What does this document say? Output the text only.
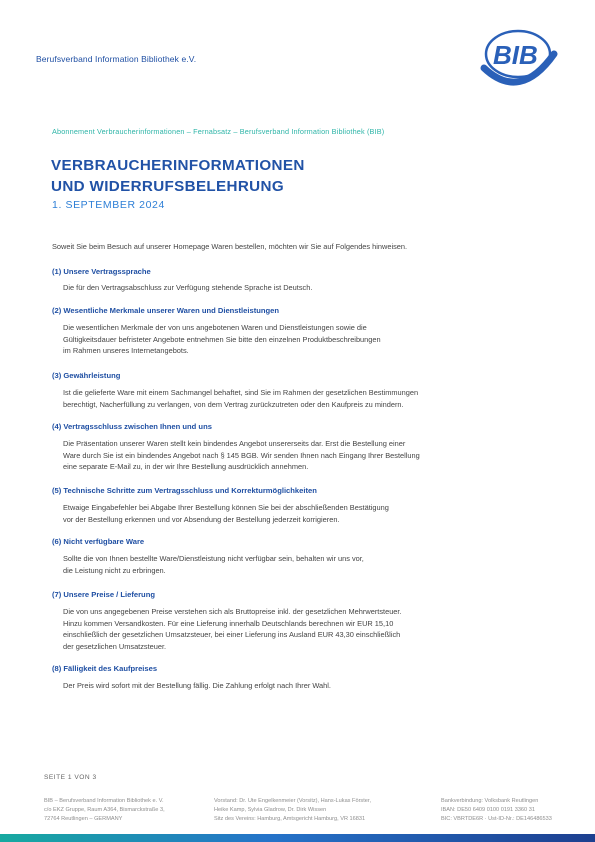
Berufsverband Information Bibliothek e.V.	BIB
Abonnement Verbraucherinformationen – Fernabsatz – Berufsverband Information Bibliothek (BIB)
VERBRAUCHERINFORMATIONEN
UND WIDERRUFSBELEHRUNG
1. SEPTEMBER 2024
Soweit Sie beim Besuch auf unserer Homepage Waren bestellen, möchten wir Sie auf Folgendes hinweisen.
(1) Unsere Vertragssprache
Die für den Vertragsabschluss zur Verfügung stehende Sprache ist Deutsch.
(2) Wesentliche Merkmale unserer Waren und Dienstleistungen
Die wesentlichen Merkmale der von uns angebotenen Waren und Dienstleistungen sowie die
Gültigkeitsdauer befristeter Angebote entnehmen Sie bitte den einzelnen Produktbeschreibungen
im Rahmen unseres Internetangebots.
(3) Gewährleistung
Ist die gelieferte Ware mit einem Sachmangel behaftet, sind Sie im Rahmen der gesetzlichen Bestimmungen
berechtigt, Nacherfüllung zu verlangen, von dem Vertrag zurückzutreten oder den Kaufpreis zu mindern.
(4) Vertragsschluss zwischen Ihnen und uns
Die Präsentation unserer Waren stellt kein bindendes Angebot unsererseits dar. Erst die Bestellung einer
Ware durch Sie ist ein bindendes Angebot nach § 145 BGB. Wir senden Ihnen nach Eingang Ihrer Bestellung
eine separate E-Mail zu, in der wir Ihre Bestellung ausdrücklich annehmen.
(5) Technische Schritte zum Vertragsschluss und Korrekturmöglichkeiten
Etwaige Eingabefehler bei Abgabe Ihrer Bestellung können Sie bei der abschließenden Bestätigung
vor der Bestellung erkennen und vor Absendung der Bestellung jederzeit korrigieren.
(6) Nicht verfügbare Ware
Sollte die von Ihnen bestellte Ware/Dienstleistung nicht verfügbar sein, behalten wir uns vor,
die Leistung nicht zu erbringen.
(7) Unsere Preise / Lieferung
Die von uns angegebenen Preise verstehen sich als Bruttopreise inkl. der gesetzlichen Mehrwertsteuer.
Hinzu kommen Versandkosten. Für eine Lieferung innerhalb Deutschlands berechnen wir EUR 15,10
einschließlich der gesetzlichen Umsatzsteuer, bei einer Lieferung ins Ausland EUR 43,30 einschließlich
der gesetzlichen Umsatzsteuer.
(8) Fälligkeit des Kaufpreises
Der Preis wird sofort mit der Bestellung fällig. Die Zahlung erfolgt nach Ihrer Wahl.
SEITE 1 VON 3
BIB – Berufsverband Information Bibliothek e. V.
c/o EKZ Gruppe, Raum A364, Bismarckstraße 3,
72764 Reutlingen – GERMANY
Vorstand: Dr. Ute Engelkenmeier (Vorsitz), Hans-Lukas Förster,
Heike Kamp, Sylvia Gladrow, Dr. Dirk Wissen
Sitz des Vereins: Hamburg, Amtsgericht Hamburg, VR 16831
Bankverbindung: Volksbank Reutlingen
IBAN: DE50 6409 0100 0191 3360 31
BIC: VBRTDE6R · Ust-ID-Nr.: DE146486533
